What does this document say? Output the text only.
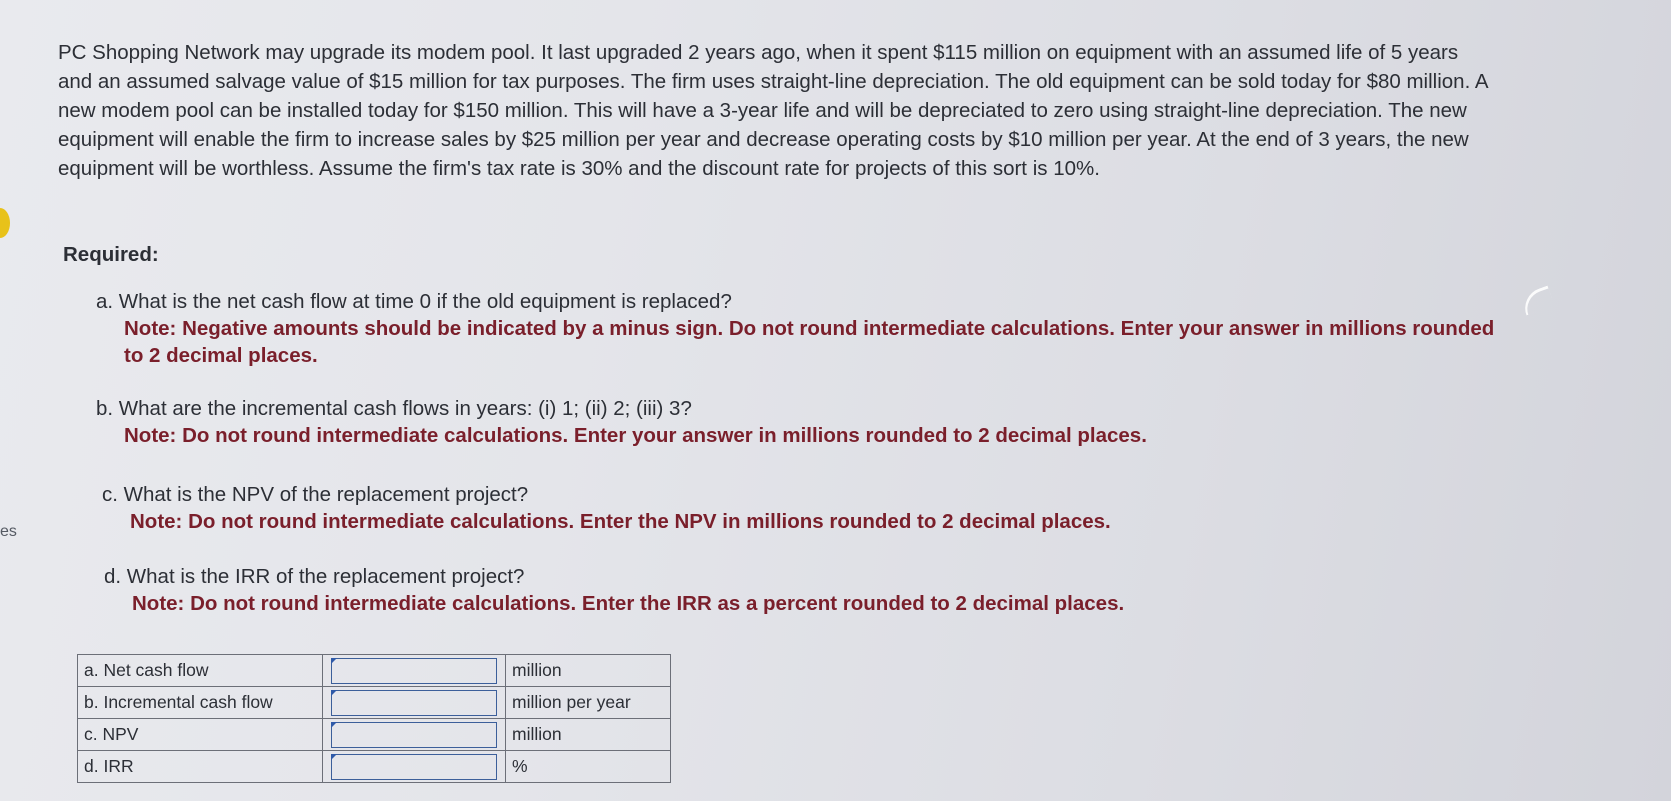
es

PC Shopping Network may upgrade its modem pool. It last upgraded 2 years ago, when it spent $115 million on equipment with an assumed life of 5 years and an assumed salvage value of $15 million for tax purposes. The firm uses straight-line depreciation. The old equipment can be sold today for $80 million. A new modem pool can be installed today for $150 million. This will have a 3-year life and will be depreciated to zero using straight-line depreciation. The new equipment will enable the firm to increase sales by $25 million per year and decrease operating costs by $10 million per year. At the end of 3 years, the new equipment will be worthless. Assume the firm's tax rate is 30% and the discount rate for projects of this sort is 10%.

Required:
a. What is the net cash flow at time 0 if the old equipment is replaced?
Note: Negative amounts should be indicated by a minus sign. Do not round intermediate calculations. Enter your answer in millions rounded to 2 decimal places.
b. What are the incremental cash flows in years: (i) 1; (ii) 2; (iii) 3?
Note: Do not round intermediate calculations. Enter your answer in millions rounded to 2 decimal places.
c. What is the NPV of the replacement project?
Note: Do not round intermediate calculations. Enter the NPV in millions rounded to 2 decimal places.
d. What is the IRR of the replacement project?
Note: Do not round intermediate calculations. Enter the IRR as a percent rounded to 2 decimal places.
a. Net cash flow		million
b. Incremental cash flow		million per year
c. NPV		million
d. IRR		%
